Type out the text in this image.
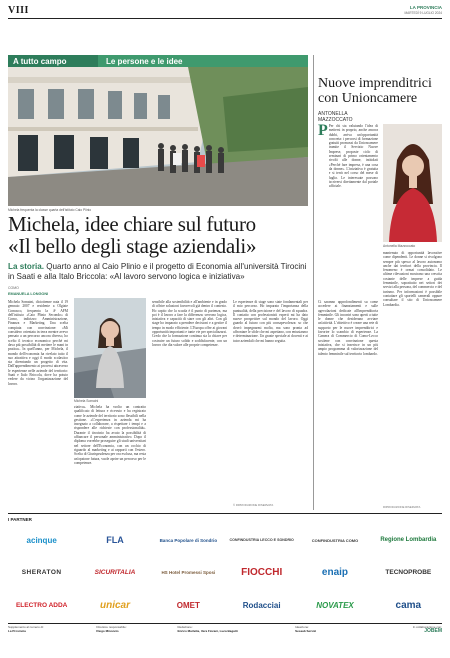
VIII	LA PROVINCIA
MARTEDÌ 9 LUGLIO 2024
A tutto campo	Le persone e le idee
Michela frequenta la classe quarta dell'istituto Caio Plinio
Michela, idee chiare sul futuro
«Il bello degli stage aziendali»
La storia. Quarto anno al Caio Plinio e il progetto di Economia all'università Tirocini in Saati e alla Italo Briccola: «Al lavoro servono logica e iniziativa»
COMO
EMANUELA LONGONI
Michela Somaini, diciottenne nata il 19 gennaio 2007 e residente a Olgiate Comasco, frequenta la 4ª AFM dell'istituto «Caio Plinio Secondo» di Como, indirizzo Amministrazione, Finanza e Marketing. Una scelta compiuta con convinzione: «Mi considero orientata in terra mentre avevo pensato a un percorso ancora diverso, ho scelto il tecnico economico perché mi dava più possibilità di mettere le mani in pratica». In quell'anno, per Michela, il mondo dell'economia ha rivelato tutto il suo attrattiva e oggi il modo scolastico sta diventando un progetto di vita. Dall'apprendimento ai processi attraverso le esperienze nelle aziende del territorio: Saati e Italo Briccola, dove ha potuto vedere da vicino l'organizzazione del lavoro.
Michela Somaini
ziativa». Michela ha svolto un contratto qualificato di lettura e ricevuto e ha registrato come le aziende del territorio sono flessibili nella gestione. «L'esperienza in azienda mi ha insegnato a collaborare, a rispettare i tempi e a rispondere alle richieste con professionalità». Durante il tirocinio ha avuto la possibilità di affiancare il personale amministrativo. Dopo il diploma vorrebbe proseguire gli studi universitari nel settore dell'Economia, con un occhio di riguardo al marketing e ai rapporti con l'estero. Scelta di Giurisprudenza per ora esclusa, ma resta un'opzione futura, vuole aprire un percorso per le competenze.
sensibile alla sostenibilità e all'ambiente e in grado di offrire soluzioni favorevoli già dentro il contesto. Ho capito che la scuola è il punto di partenza, ma poi è il lavoro a fare la differenza: servono logica, iniziativa e capacità di stare con gli altri. Con gli stage ho imparato a prendere decisioni e a gestire il tempo in modo efficiente. L'Europa offre ai giovani opportunità importanti e tante vie per specializzarsi. Credo che la formazione continua sia la chiave per costruire un futuro solido e soddisfacente, con un lavoro che dia valore alle proprie competenze.
Le esperienze di stage sono state fondamentali per il mio percorso. Ho imparato l'importanza della puntualità, della precisione e del lavoro di squadra. Il contatto con professionisti esperti mi ha dato nuove prospettive sul mondo del lavoro. Oggi guardo al futuro con più consapevolezza: so che dovrò impegnarmi molto, ma sono pronta ad affrontare le sfide che mi aspettano, con entusiasmo e determinazione. Un grazie speciale ai docenti e ai tutor aziendali che mi hanno seguita.
© RIPRODUZIONE RISERVATA
Nuove imprenditrici
con Unioncamere
ANTONELLA
MAZZOCCATO
P Per chi sta valutando l'idea di mettersi in proprio, anche ancora dubbi, arriva un'opportunità concreta: i percorsi di formazione gratuiti promossi da Unioncamere tramite il Servizio Nuove Imprese, proposte ciclo di seminari di primo orientamento rivolti alle donne, intitolati «Perché fare impresa, è una cosa da donne». L'iniziativa è gratuita e si terrà nel corso del mese di luglio. Le interessate possono iscriversi direttamente dal portale ufficiale.
Ci saranno approfondimenti su come accedere ai finanziamenti e sulle agevolazioni dedicate all'imprenditoria femminile. Gli incontri sono aperti a tutte le donne che desiderano avviare un'attività. L'obiettivo è creare una rete di supporto per le nuove imprenditrici e favorire lo scambio di esperienze. La Camera di Commercio di Como-Lecco sostiene con convinzione questa iniziativa, che si inserisce in un più ampio programma di valorizzazione del talento femminile sul territorio lombardo.
Antonella Mazzoccato
mantenuto di opportunità lavorative come dipendenti. Le donne si rivolgono sempre più spesso al lavoro autonomo anche dai territori della provincia. Il fenomeno è ormai consolidato. Le ultime rilevazioni mostrano una crescita costante delle imprese a guida femminile, soprattutto nei settori dei servizi alla persona, del commercio e del turismo. Per informazioni è possibile contattare gli sportelli camerali oppure consultare il sito di Unioncamere Lombardia.
RIPRODUZIONE RISERVATA
I PARTNER
acinque	FLA	Banca Popolare di Sondrio	CONFINDUSTRIA LECCO E SONDRIO	CONFINDUSTRIA COMO	Regione Lombardia
SHERATON	SICURITALIA	HS Hotel Promessi Sposi	FIOCCHI	enaip	TECNOPROBE
ELECTRO ADDA	unicar	OMET	Rodacciai	NOVATEX	cama
Supplemento al numero di:
La Provincia
Direttore responsabile:
Diego Minonzio
Redazione:
Enrico Marletta, Vera Fiorani, Luca Bagatti
Ideazione:
Sesaab Servizi
In collaborazione con:
JOBEM
